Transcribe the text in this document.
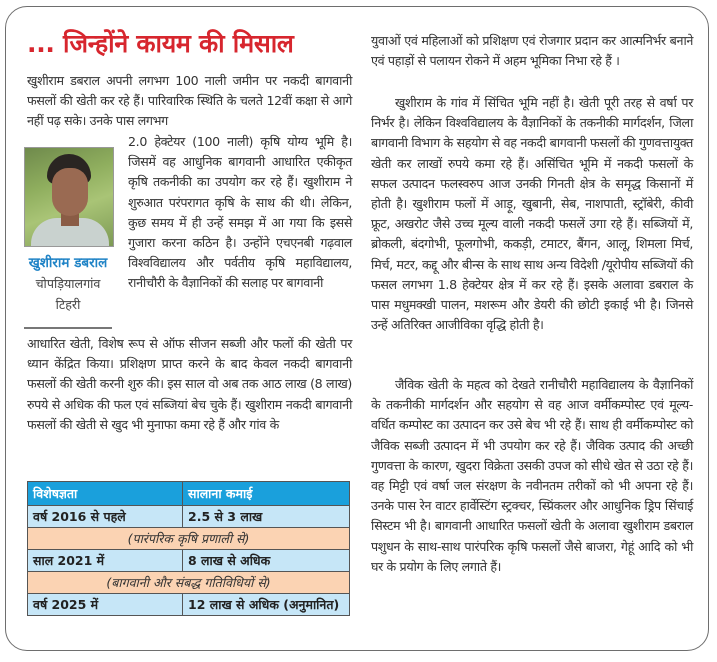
... जिन्होंने कायम की मिसाल
खुशीराम डबराल अपनी लगभग 100 नाली जमीन पर नकदी बागवानी फसलों की खेती कर रहे हैं। पारिवारिक स्थिति के चलते 12वीं कक्षा से आगे नहीं पढ़ सके। उनके पास लगभग
खुशीराम डबराल
चोपड़ियालगांव
टिहरी
2.0 हेक्टेयर (100 नाली) कृषि योग्य भूमि है। जिसमें वह आधुनिक बागवानी आधारित एकीकृत कृषि तकनीकी का उपयोग कर रहे हैं। खुशीराम ने शुरुआत परंपरागत कृषि के साथ की थी। लेकिन, कुछ समय में ही उन्हें समझ में आ गया कि इससे गुजारा करना कठिन है। उन्होंने एचएनबी गढ़वाल विश्वविद्यालय और पर्वतीय कृषि महाविद्यालय, रानीचौरी के वैज्ञानिकों की सलाह पर बागवानी
आधारित खेती, विशेष रूप से ऑफ सीजन सब्जी और फलों की खेती पर ध्यान केंद्रित किया। प्रशिक्षण प्राप्त करने के बाद केवल नकदी बागवानी फसलों की खेती करनी शुरु की। इस साल वो अब तक आठ लाख (8 लाख) रुपये से अधिक की फल एवं सब्जियां बेच चुके हैं। खुशीराम नकदी बागवानी फसलों की खेती से खुद भी मुनाफा कमा रहे हैं और गांव के
विशेषज्ञता	सालाना कमाई
वर्ष 2016 से पहले	2.5 से 3 लाख
(पारंपरिक कृषि प्रणाली से)	
साल 2021 में	8 लाख से अधिक
(बागवानी और संबद्ध गतिविधियों से)	
वर्ष 2025 में	12 लाख से अधिक (अनुमानित)
युवाओं एवं महिलाओं को प्रशिक्षण एवं रोजगार प्रदान कर आत्मनिर्भर बनाने एवं पहाड़ों से पलायन रोकने में अहम भूमिका निभा रहे हैं ।
खुशीराम के गांव में सिंचित भूमि नहीं है। खेती पूरी तरह से वर्षा पर निर्भर है। लेकिन विश्वविद्यालय के वैज्ञानिकों के तकनीकी मार्गदर्शन, जिला बागवानी विभाग के सहयोग से वह नकदी बागवानी फसलों की गुणवत्तायुक्त खेती कर लाखों रुपये कमा रहे हैं। असिंचित भूमि में नकदी फसलों के सफल उत्पादन फलस्वरुप आज उनकी गिनती क्षेत्र के समृद्ध किसानों में होती है। खुशीराम फलों में आड़ू, खुबानी, सेब, नाशपाती, स्ट्रॉबेरी, कीवी फ्रूट, अखरोट जैसे उच्च मूल्य वाली नकदी फसलें उगा रहे हैं। सब्जियों में, ब्रोकली, बंदगोभी, फूलगोभी, ककड़ी, टमाटर, बैंगन, आलू, शिमला मिर्च, मिर्च, मटर, कद्दू और बीन्स के साथ साथ अन्य विदेशी /यूरोपीय सब्जियों की फसल लगभग 1.8 हेक्टेयर क्षेत्र में कर रहे हैं। इसके अलावा डबराल के पास मधुमक्खी पालन, मशरूम और डेयरी की छोटी इकाई भी है। जिनसे उन्हें अतिरिक्त आजीविका वृद्धि होती है।
जैविक खेती के महत्व को देखते रानीचौरी महाविद्यालय के वैज्ञानिकों के तकनीकी मार्गदर्शन और सहयोग से वह आज वर्मीकम्पोस्ट एवं मूल्य-वर्धित कम्पोस्ट का उत्पादन कर उसे बेच भी रहे हैं। साथ ही वर्मीकम्पोस्ट को जैविक सब्जी उत्पादन में भी उपयोग कर रहे हैं। जैविक उत्पाद की अच्छी गुणवत्ता के कारण, खुदरा विक्रेता उसकी उपज को सीधे खेत से उठा रहे हैं। वह मिट्टी एवं वर्षा जल संरक्षण के नवीनतम तरीकों को भी अपना रहे हैं। उनके पास रेन वाटर हार्वेस्टिंग स्ट्रक्चर, स्प्रिंकलर और आधुनिक ड्रिप सिंचाई सिस्टम भी है। बागवानी आधारित फसलों खेती के अलावा खुशीराम डबराल पशुधन के साथ-साथ पारंपरिक कृषि फसलों जैसे बाजरा, गेहूं आदि को भी घर के प्रयोग के लिए लगाते हैं।
